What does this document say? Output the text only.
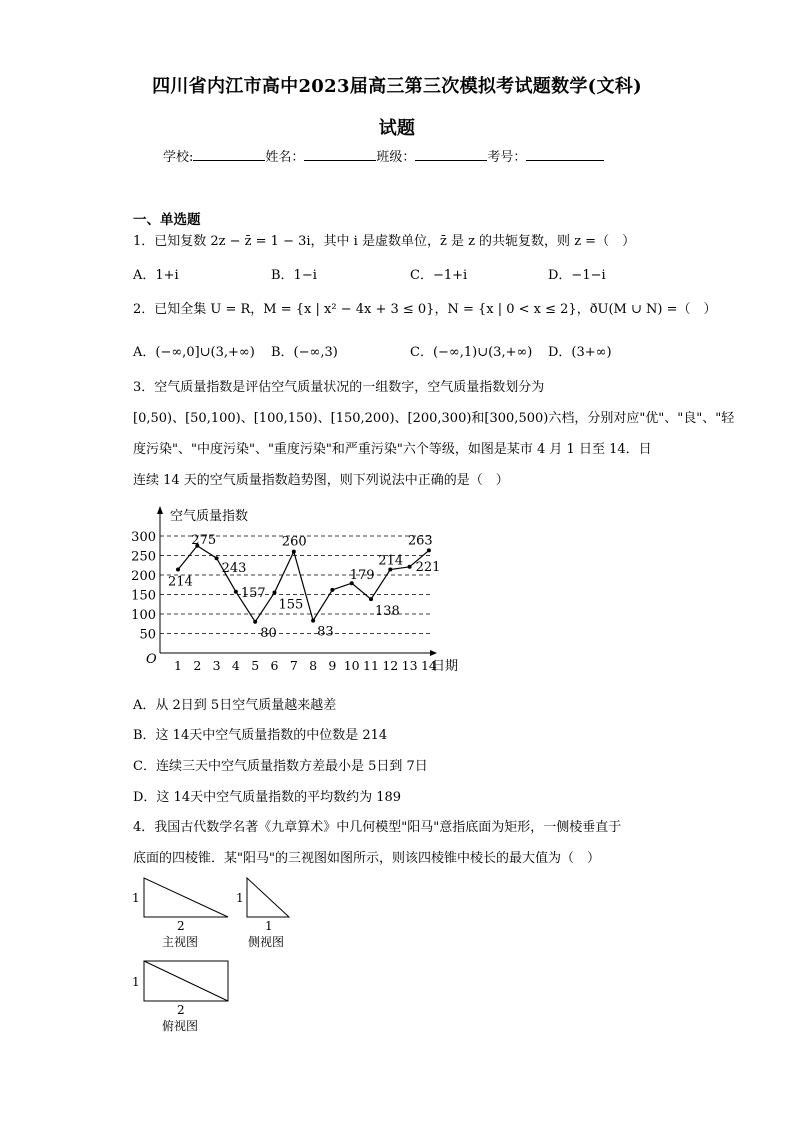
四川省内江市高中2023届高三第三次模拟考试题数学(文科)
试题
学校:	姓名：	班级：	考号：
一、单选题
1．已知复数 2z − z̄ = 1 − 3i，其中 i 是虚数单位，z̄ 是 z 的共轭复数，则 z =（　）
A．1+i	B．1−i	C．−1+i	D．−1−i
2．已知全集 U = R，M = {x | x² − 4x + 3 ≤ 0}，N = {x | 0 < x ≤ 2}，ðU(M ∪ N) =（　）
A．(−∞,0]∪(3,+∞) B．(−∞,3)	C．(−∞,1)∪(3,+∞) D．(3+∞)
3．空气质量指数是评估空气质量状况的一组数字，空气质量指数划分为
[0,50)、[50,100)、[100,150)、[150,200)、[200,300)和[300,500)六档，分别对应"优"、"良"、"轻
度污染"、"中度污染"、"重度污染"和严重污染"六个等级，如图是某市 4 月 1 日至 14．日
连续 14 天的空气质量指数趋势图，则下列说法中正确的是（　）
空气质量指数
日期
O
50
100
150
200
250
300
1 2 3 4 5 6 7 8 9 10 11 12 13 14
214
275
243
157
80
155
260
83
179
138
214 221
263
A．从 2日到 5日空气质量越来越差
B．这 14天中空气质量指数的中位数是 214
C．连续三天中空气质量指数方差最小是 5日到 7日
D．这 14天中空气质量指数的平均数约为 189
4．我国古代数学名著《九章算术》中几何模型"阳马"意指底面为矩形，一侧棱垂直于
底面的四棱锥．某"阳马"的三视图如图所示，则该四棱锥中棱长的最大值为（　）
1
2
主视图
1
1
侧视图
1
2
俯视图
